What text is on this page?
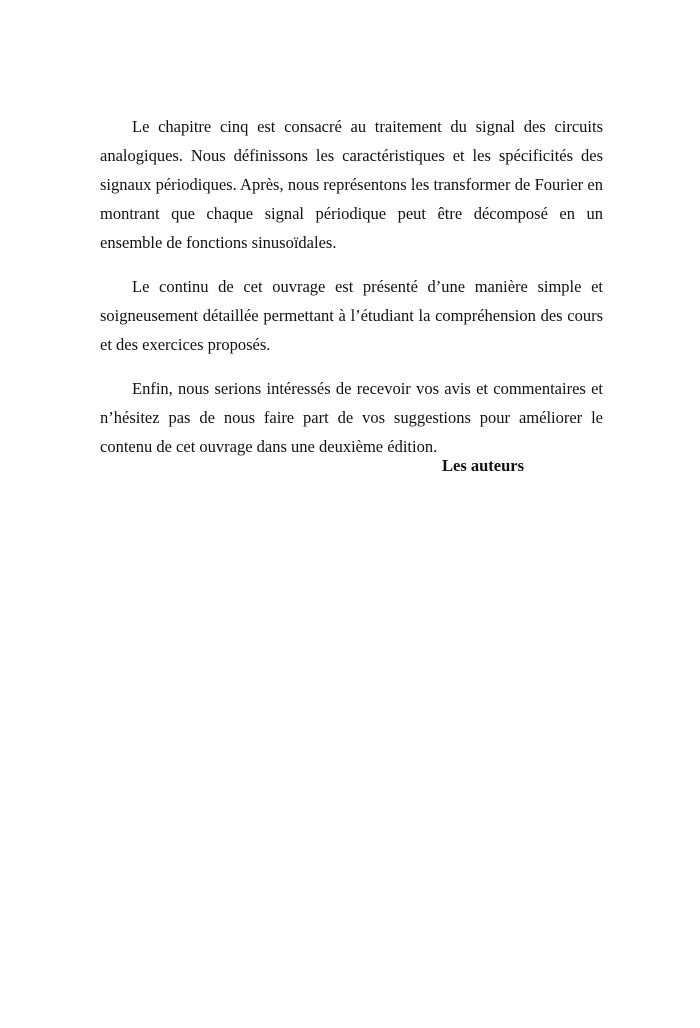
Le chapitre cinq est consacré au traitement du signal des circuits analogiques. Nous définissons les caractéristiques et les spécificités des signaux périodiques. Après, nous représentons les transformer de Fourier en montrant que chaque signal périodique peut être décomposé en un ensemble de fonctions sinusoïdales.

Le continu de cet ouvrage est présenté d’une manière simple et soigneusement détaillée permettant à l’étudiant la compréhension des cours et des exercices proposés.

Enfin, nous serions intéressés de recevoir vos avis et commentaires et n’hésitez pas de nous faire part de vos suggestions pour améliorer le contenu de cet ouvrage dans une deuxième édition.

Les auteurs
